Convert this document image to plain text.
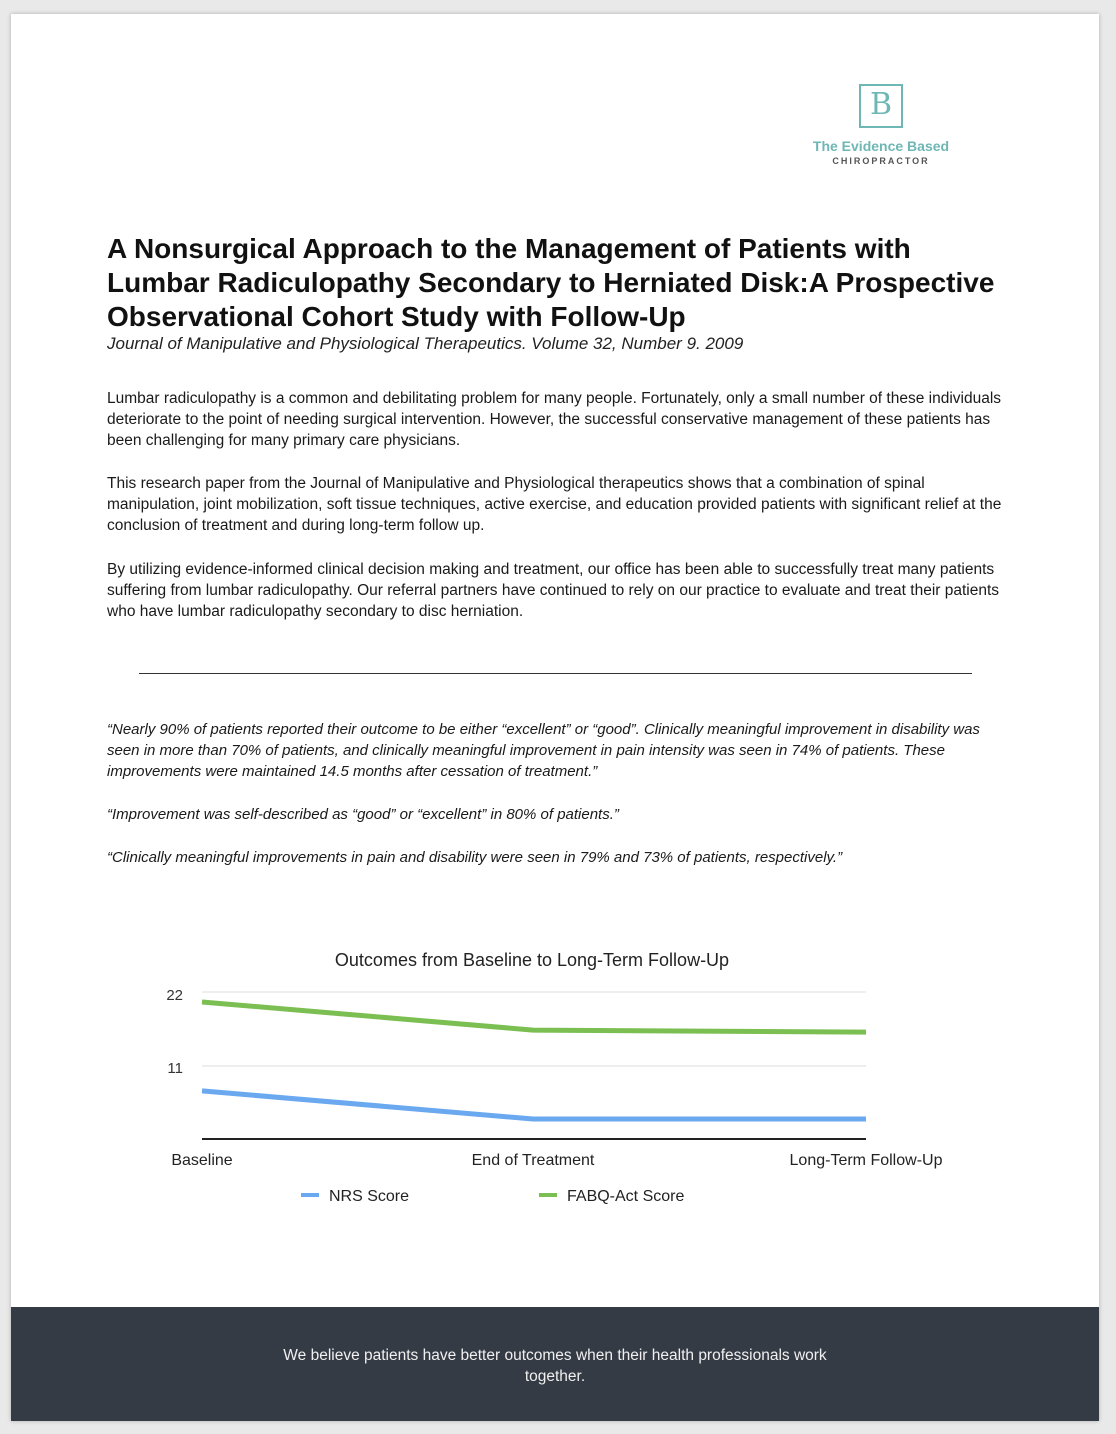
B
The Evidence Based
CHIROPRACTOR
A Nonsurgical Approach to the Management of Patients with Lumbar Radiculopathy Secondary to Herniated Disk:A Prospective Observational Cohort Study with Follow-Up

Journal of Manipulative and Physiological Therapeutics. Volume 32, Number 9. 2009

Lumbar radiculopathy is a common and debilitating problem for many people. Fortunately, only a small number of these individuals deteriorate to the point of needing surgical intervention. However, the successful conservative management of these patients has been challenging for many primary care physicians.

This research paper from the Journal of Manipulative and Physiological therapeutics shows that a combination of spinal manipulation, joint mobilization, soft tissue techniques, active exercise, and education provided patients with significant relief at the conclusion of treatment and during long-term follow up.

By utilizing evidence-informed clinical decision making and treatment, our office has been able to successfully treat many patients suffering from lumbar radiculopathy. Our referral partners have continued to rely on our practice to evaluate and treat their patients who have lumbar radiculopathy secondary to disc herniation.

“Nearly 90% of patients reported their outcome to be either “excellent” or “good”. Clinically meaningful improvement in disability was seen in more than 70% of patients, and clinically meaningful improvement in pain intensity was seen in 74% of patients. These improvements were maintained 14.5 months after cessation of treatment.”

“Improvement was self-described as “good” or “excellent” in 80% of patients.”

“Clinically meaningful improvements in pain and disability were seen in 79% and 73% of patients, respectively.”

Outcomes from Baseline to Long-Term Follow-Up
22
11
Baseline	End of Treatment	Long-Term Follow-Up
NRS Score	FABQ-Act Score

We believe patients have better outcomes when their health professionals work together.
